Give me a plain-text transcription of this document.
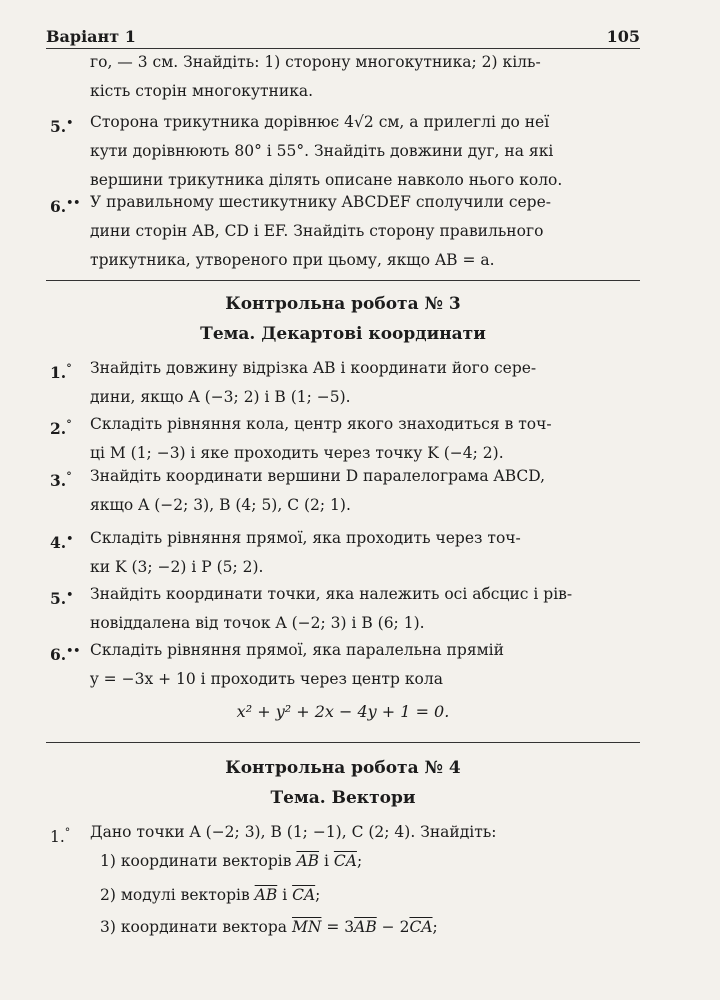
Варіант 1	105
го, — 3 см. Знайдіть: 1) сторону многокутника; 2) кіль-
кість сторін многокутника.
5.•	Сторона трикутника дорівнює 4√2 см, а прилеглі до неї
кути дорівнюють 80° і 55°. Знайдіть довжини дуг, на які
вершини трикутника ділять описане навколо нього коло.
6.•• У правильному шестикутнику ABCDEF сполучили сере-
дини сторін AB, CD і EF. Знайдіть сторону правильного
трикутника, утвореного при цьому, якщо AB = a.
Контрольна робота № 3
Тема. Декартові координати
1.°	Знайдіть довжину відрізка AB і координати його сере-
дини, якщо A (−3; 2) і B (1; −5).
2.°	Складіть рівняння кола, центр якого знаходиться в точ-
ці M (1; −3) і яке проходить через точку K (−4; 2).
3.°	Знайдіть координати вершини D паралелограма ABCD,
якщо A (−2; 3), B (4; 5), C (2; 1).
4.•	Складіть рівняння прямої, яка проходить через точ-
ки K (3; −2) і P (5; 2).
5.•	Знайдіть координати точки, яка належить осі абсцис і рів-
новіддалена від точок A (−2; 3) і B (6; 1).
6.•• Складіть рівняння прямої, яка паралельна прямій
y = −3x + 10 і проходить через центр кола
x² + y² + 2x − 4y + 1 = 0.
Контрольна робота № 4
Тема. Вектори
1.°	Дано точки A (−2; 3), B (1; −1), C (2; 4). Знайдіть:
1) координати векторів $\overline{AB}$ і $\overline{CA}$;
2) модулі векторів $\overline{AB}$ і $\overline{CA}$;
3) координати вектора $\overline{MN} = 3\overline{AB} - 2\overline{CA}$;
